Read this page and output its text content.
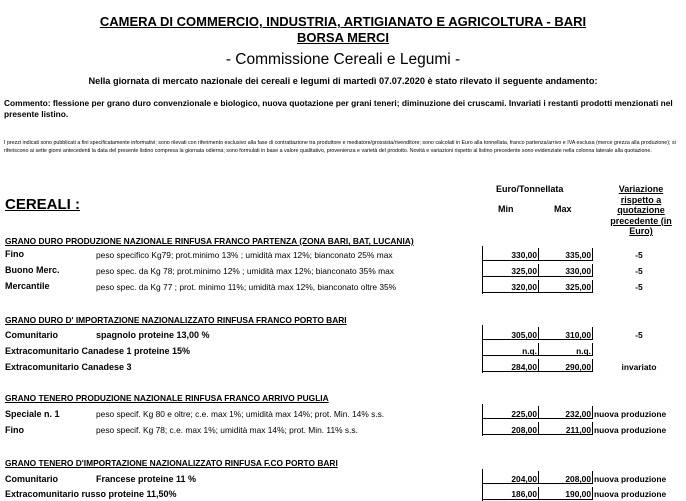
CAMERA DI COMMERCIO, INDUSTRIA, ARTIGIANATO E AGRICOLTURA - BARI
BORSA MERCI
- Commissione Cereali e Legumi -
Nella giornata di mercato nazionale dei cereali e legumi di martedì 07.07.2020 è stato rilevato il seguente andamento:
Commento: flessione per grano duro convenzionale e biologico, nuova quotazione per grani teneri; diminuzione dei cruscami. Invariati i restanti prodotti menzionati nel presente listino.
I prezzi indicati sono pubblicati a fini specificatamente informativi; sono rilevati con riferimento esclusivo alla fase di contrattazione tra produttore e mediatore/grossista/rivenditore; sono calcolati in Euro alla tonnellata, franco partenza/arrivo e IVA esclusa (merce grezza alla produzione); si riferiscono ai sette giorni antecedenti la data del presente listino compresa la giornata odierna; sono formulati in base a valore qualitativo, provenienza e varietà del prodotto. Novità e variazioni rispetto al listino precedente sono evidenziate nella colonna laterale alla quotazione.
Euro/Tonnellata
Min	Max
Variazione rispetto a quotazione precedente (in Euro)
CEREALI :
GRANO DURO PRODUZIONE NAZIONALE RINFUSA FRANCO PARTENZA (ZONA BARI, BAT, LUCANIA)
Fino	peso specifico Kg79; prot.minimo 13% ; umidità max 12%; bianconato 25% max	330,00	335,00	-5
Buono Merc.	peso spec. da Kg 78; prot.minimo 12% ; umidità max 12%; bianconato 35% max	325,00	330,00	-5
Mercantile	peso spec. da Kg 77 ; prot. minimo 11%; umidità max 12%, bianconato oltre 35%	320,00	325,00	-5
GRANO DURO D' IMPORTAZIONE NAZIONALIZZATO RINFUSA FRANCO PORTO BARI
Comunitario	spagnolo proteine 13,00 %	305,00	310,00	-5
Extracomunitario Canadese 1 proteine 15%	n.q.	n.q.
Extracomunitario Canadese 3	284,00	290,00	invariato
GRANO TENERO PRODUZIONE NAZIONALE RINFUSA FRANCO ARRIVO PUGLIA
Speciale n. 1	peso specif. Kg 80 e oltre; c.e. max 1%; umidità max 14%; prot. Min. 14% s.s.	225,00	232,00 nuova produzione
Fino	peso specif. Kg 78; c.e. max 1%; umidità max 14%; prot. Min. 11% s.s.	208,00	211,00 nuova produzione
GRANO TENERO D'IMPORTAZIONE NAZIONALIZZATO RINFUSA F.CO PORTO BARI
Comunitario	Francese proteine 11 %	204,00	208,00 nuova produzione
Extracomunitario russo proteine 11,50%	186,00	190,00 nuova produzione
